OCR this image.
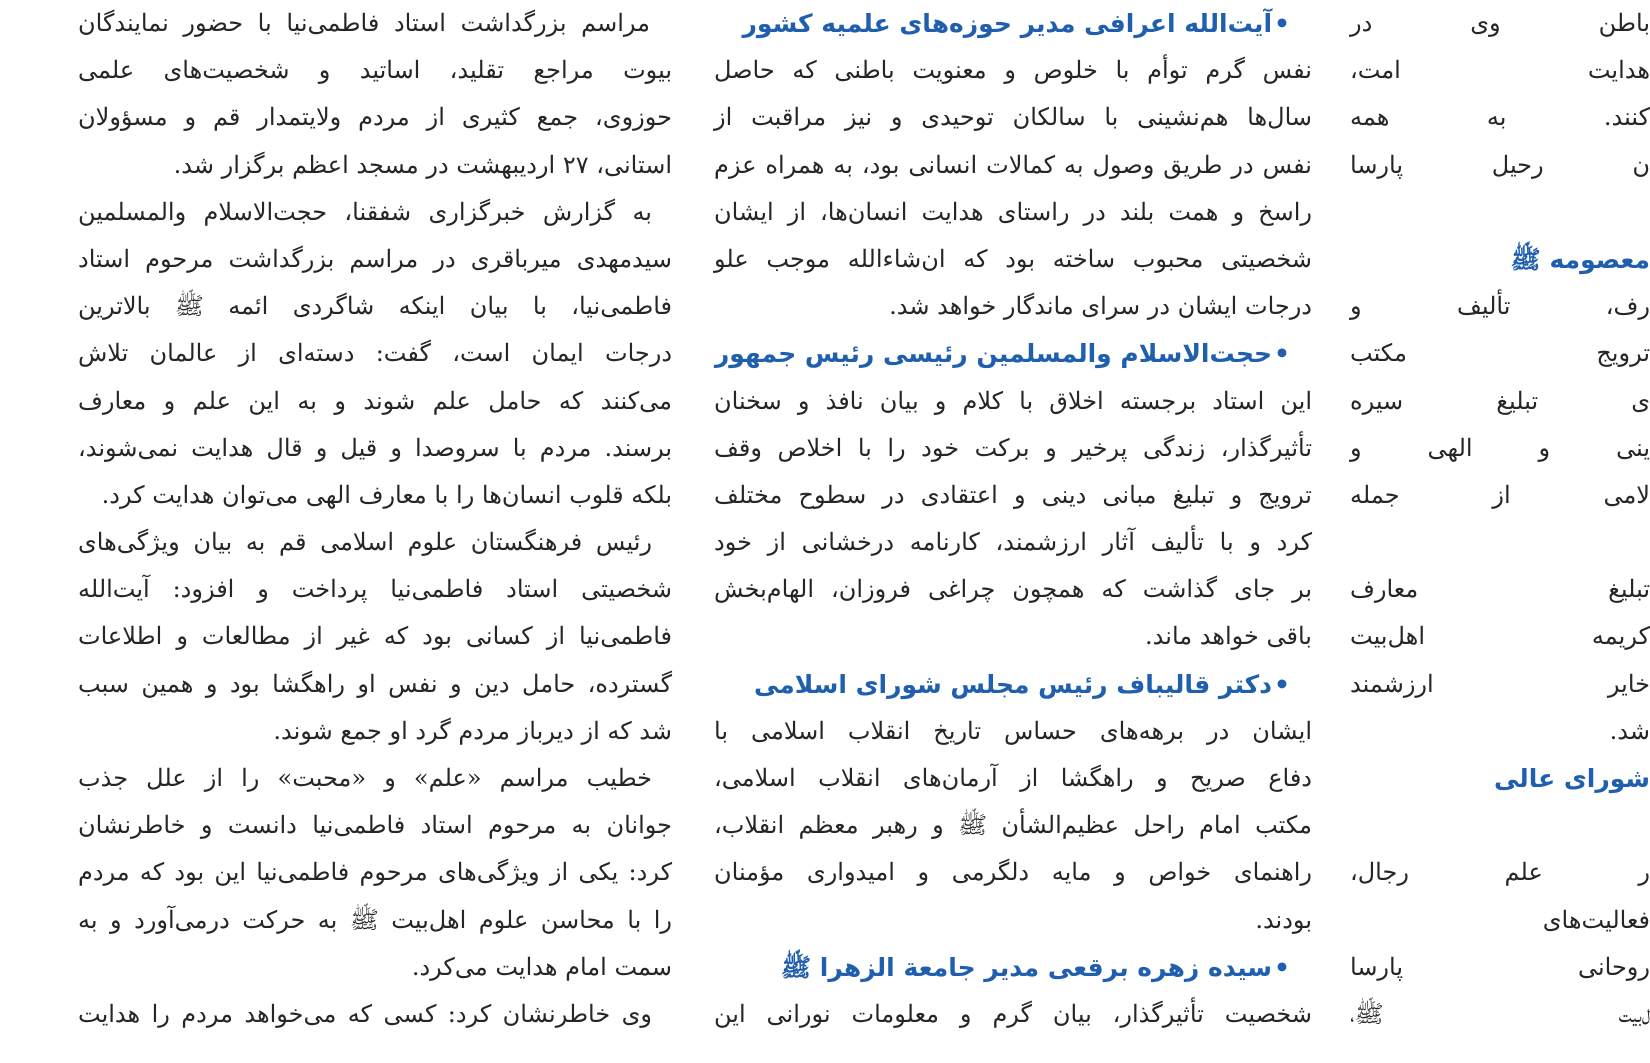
مراسم بزرگداشت استاد فاطمی‌نیا با حضور نمایندگان
بیوت مراجع تقلید، اساتید و شخصیت‌های علمی
حوزوی، جمع کثیری از مردم ولایتمدار قم و مسؤولان
استانی، ۲۷ اردیبهشت در مسجد اعظم برگزار شد.
به گزارش خبرگزاری شفقنا، حجت‌الاسلام والمسلمین
سیدمهدی میرباقری در مراسم بزرگداشت مرحوم استاد
فاطمی‌نیا، با بیان اینکه شاگردی ائمه ﷺ بالاترین
درجات ایمان است، گفت: دسته‌ای از عالمان تلاش
می‌کنند که حامل علم شوند و به این علم و معارف
برسند. مردم با سروصدا و قیل و قال هدایت نمی‌شوند،
بلکه قلوب انسان‌ها را با معارف الهی می‌توان هدایت کرد.
رئیس فرهنگستان علوم اسلامی قم به بیان ویژگی‌های
شخصیتی استاد فاطمی‌نیا پرداخت و افزود: آیت‌الله
فاطمی‌نیا از کسانی بود که غیر از مطالعات و اطلاعات
گسترده، حامل دین و نفس او راهگشا بود و همین سبب
شد که از دیرباز مردم گرد او جمع شوند.
خطیب مراسم «علم» و «محبت» را از علل جذب
جوانان به مرحوم استاد فاطمی‌نیا دانست و خاطرنشان
کرد: یکی از ویژگی‌های مرحوم فاطمی‌نیا این بود که مردم
را با محاسن علوم اهل‌بیت ﷺ به حرکت درمی‌آورد و به
سمت امام هدایت می‌کرد.
وی خاطرنشان کرد: کسی که می‌خواهد مردم را هدایت
•آیت‌الله اعرافی مدیر حوزه‌های علمیه کشور
نفس گرم توأم با خلوص و معنویت باطنی که حاصل
سال‌ها هم‌نشینی با سالکان توحیدی و نیز مراقبت از
نفس در طریق وصول به کمالات انسانی بود، به همراه عزم
راسخ و همت بلند در راستای هدایت انسان‌ها، از ایشان
شخصیتی محبوب ساخته بود که ان‌شاءالله موجب علو
درجات ایشان در سرای ماندگار خواهد شد.
•حجت‌الاسلام والمسلمین رئیسی رئیس جمهور
این استاد برجسته اخلاق با کلام و بیان نافذ و سخنان
تأثیرگذار، زندگی پرخیر و برکت خود را با اخلاص وقف
ترویج و تبلیغ مبانی دینی و اعتقادی در سطوح مختلف
کرد و با تألیف آثار ارزشمند، کارنامه درخشانی از خود
بر جای گذاشت که همچون چراغی فروزان، الهام‌بخش
باقی خواهد ماند.
•دکتر قالیباف رئیس مجلس شورای اسلامی
ایشان در برهه‌های حساس تاریخ انقلاب اسلامی با
دفاع صریح و راهگشا از آرمان‌های انقلاب اسلامی،
مکتب امام راحل عظیم‌الشأن ﷺ و رهبر معظم انقلاب،
راهنمای خواص و مایه دلگرمی و امیدواری مؤمنان
بودند.
•سیده زهره برقعی مدیر جامعة الزهرا ﷺ
شخصیت تأثیرگذار، بیان گرم و معلومات نورانی این
باطن وی در
هدایت امت،
کنند. به همه
ن رحیل پارسا
معصومه ﷺ
رف، تألیف و
ترویج مکتب
ی تبلیغ سیره
ینی و الهی و
لامی از جمله
تبلیغ معارف
کریمه اهل‌بیت
خایر ارزشمند
شد.
شورای عالی
ر علم رجال،
فعالیت‌های
روحانی پارسا
ل‌بیت ﷺ،
